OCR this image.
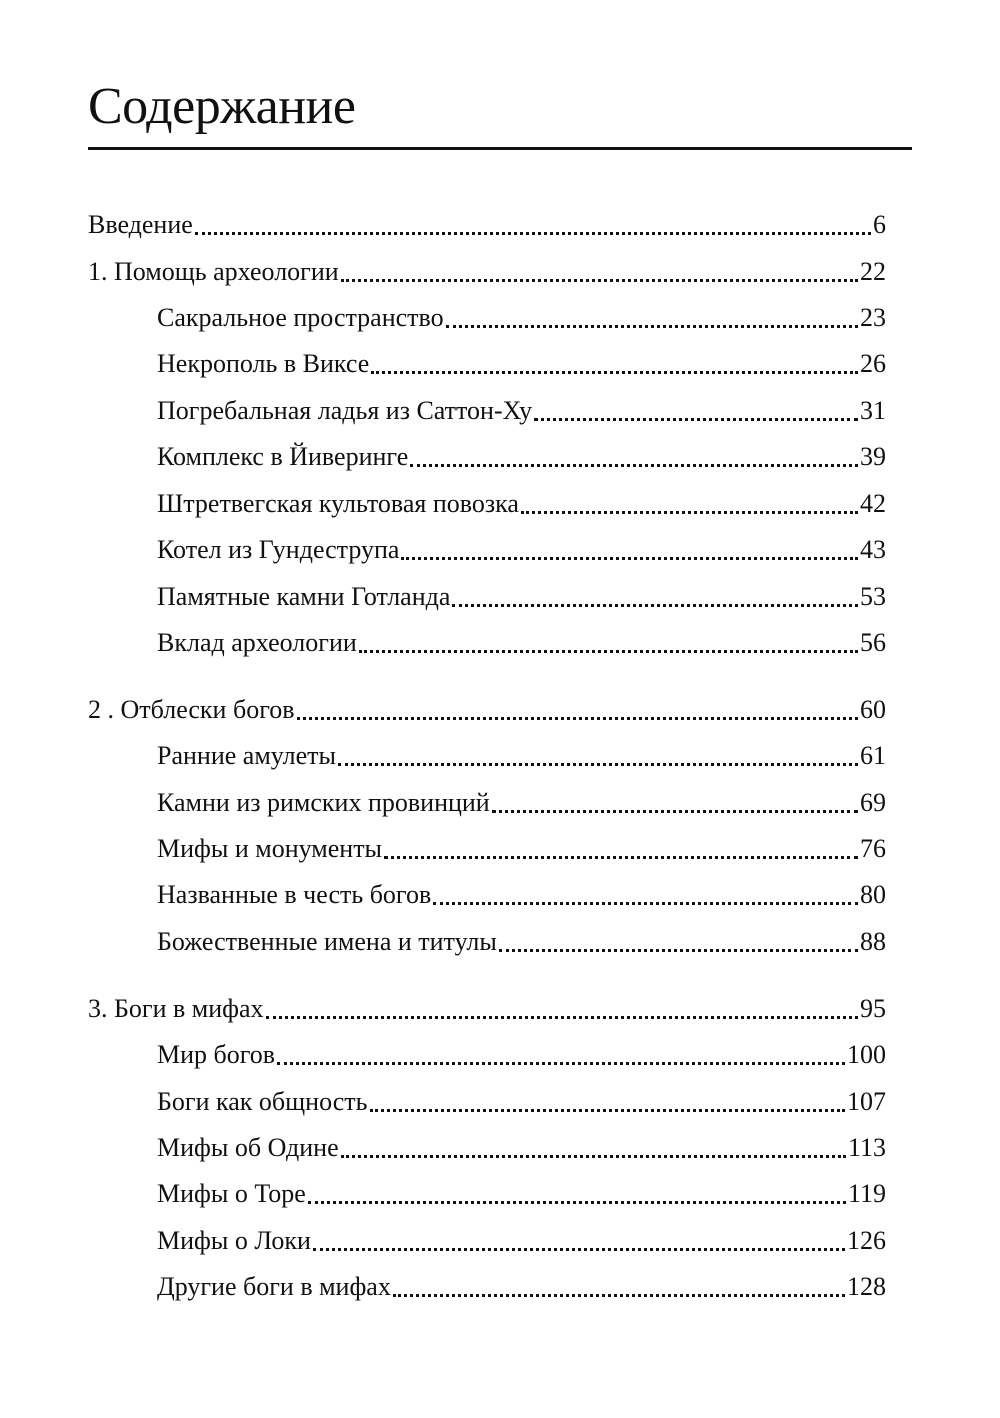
Содержание
Введение	6
1. Помощь археологии	22
Сакральное пространство	23
Некрополь в Виксе	26
Погребальная ладья из Саттон-Ху	31
Комплекс в Йиверинге	39
Штретвегская культовая повозка	42
Котел из Гундеструпа	43
Памятные камни Готланда	53
Вклад археологии	56
2 . Отблески богов	60
Ранние амулеты	61
Камни из римских провинций	69
Мифы и монументы	76
Названные в честь богов	80
Божественные имена и титулы	88
3. Боги в мифах	95
Мир богов	100
Боги как общность	107
Мифы об Одине	113
Мифы о Торе	119
Мифы о Локи	126
Другие боги в мифах	128
